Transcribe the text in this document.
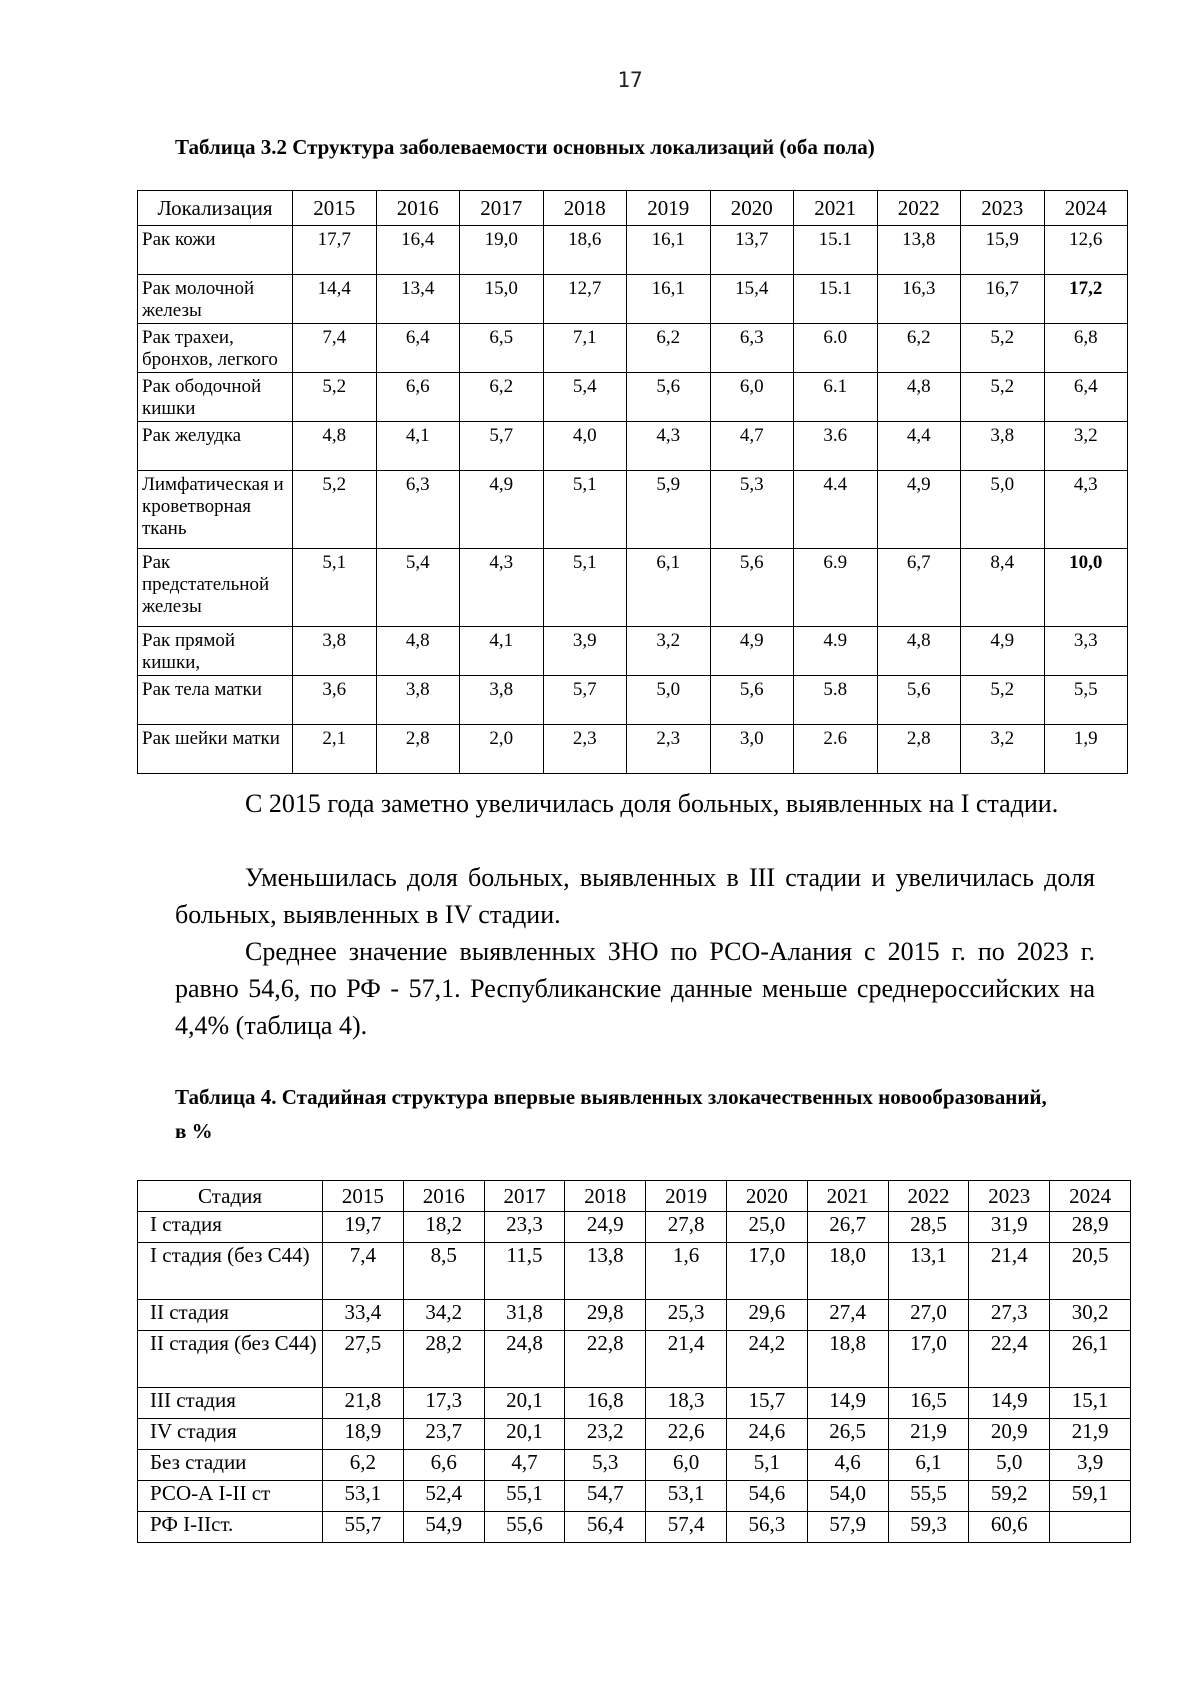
17
Таблица 3.2 Структура заболеваемости основных локализаций (оба пола)
Локализация	2015	2016	2017	2018	2019	2020	2021	2022	2023	2024
Рак кожи	17,7	16,4	19,0	18,6	16,1	13,7	15.1	13,8	15,9	12,6
Рак молочной железы	14,4	13,4	15,0	12,7	16,1	15,4	15.1	16,3	16,7	17,2
Рак трахеи, бронхов, легкого	7,4	6,4	6,5	7,1	6,2	6,3	6.0	6,2	5,2	6,8
Рак ободочной кишки	5,2	6,6	6,2	5,4	5,6	6,0	6.1	4,8	5,2	6,4
Рак желудка	4,8	4,1	5,7	4,0	4,3	4,7	3.6	4,4	3,8	3,2
Лимфатическая и кроветворная ткань	5,2	6,3	4,9	5,1	5,9	5,3	4.4	4,9	5,0	4,3
Рак предстательной железы	5,1	5,4	4,3	5,1	6,1	5,6	6.9	6,7	8,4	10,0
Рак прямой кишки,	3,8	4,8	4,1	3,9	3,2	4,9	4.9	4,8	4,9	3,3
Рак тела матки	3,6	3,8	3,8	5,7	5,0	5,6	5.8	5,6	5,2	5,5
Рак шейки матки	2,1	2,8	2,0	2,3	2,3	3,0	2.6	2,8	3,2	1,9
С 2015 года заметно увеличилась доля больных, выявленных на I стадии.
Уменьшилась доля больных, выявленных в III стадии и увеличилась доля больных, выявленных в IV стадии.
Среднее значение выявленных ЗНО по РСО-Алания с 2015 г. по 2023 г. равно 54,6, по РФ - 57,1. Республиканские данные меньше среднероссийских на 4,4% (таблица 4).
Таблица 4. Стадийная структура впервые выявленных злокачественных новообразований, в %
Стадия	2015	2016	2017	2018	2019	2020	2021	2022	2023	2024
I стадия	19,7	18,2	23,3	24,9	27,8	25,0	26,7	28,5	31,9	28,9
I стадия (без С44)	7,4	8,5	11,5	13,8	1,6	17,0	18,0	13,1	21,4	20,5
II стадия	33,4	34,2	31,8	29,8	25,3	29,6	27,4	27,0	27,3	30,2
II стадия (без С44)	27,5	28,2	24,8	22,8	21,4	24,2	18,8	17,0	22,4	26,1
III стадия	21,8	17,3	20,1	16,8	18,3	15,7	14,9	16,5	14,9	15,1
IV стадия	18,9	23,7	20,1	23,2	22,6	24,6	26,5	21,9	20,9	21,9
Без стадии	6,2	6,6	4,7	5,3	6,0	5,1	4,6	6,1	5,0	3,9
РСО-А I-II ст	53,1	52,4	55,1	54,7	53,1	54,6	54,0	55,5	59,2	59,1
РФ I-IIст.	55,7	54,9	55,6	56,4	57,4	56,3	57,9	59,3	60,6	
